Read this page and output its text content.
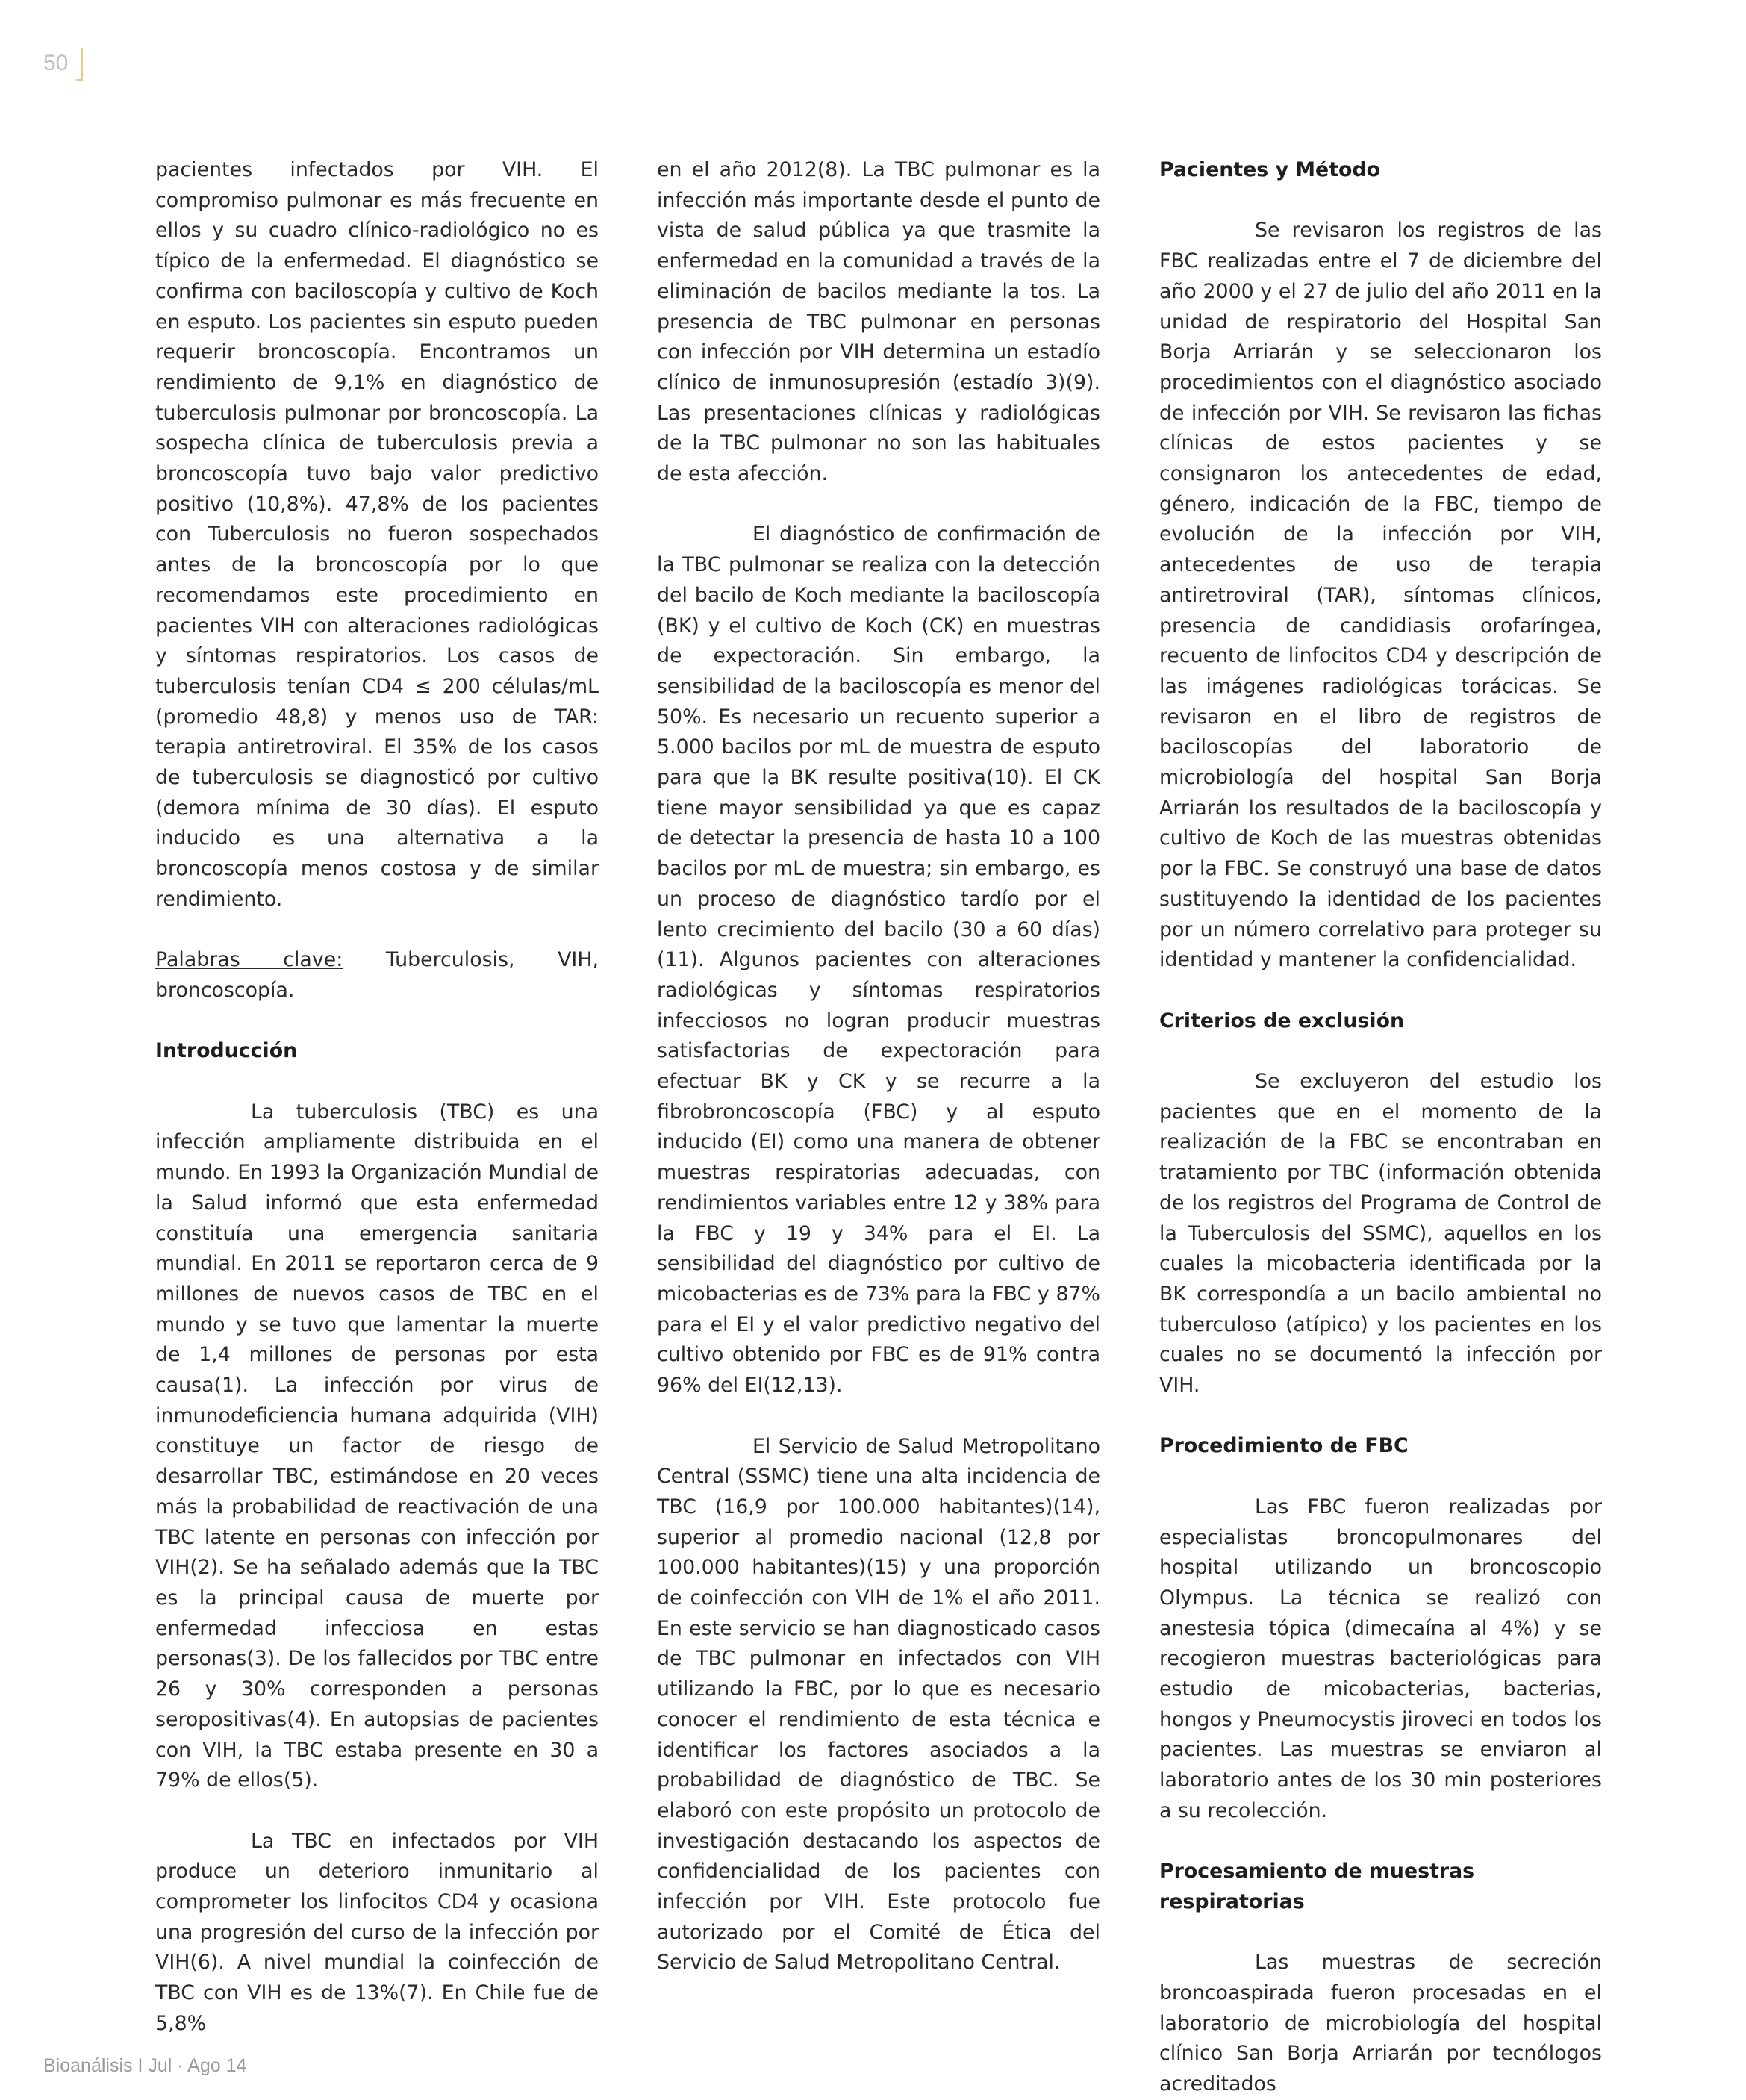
50

pacientes infectados por VIH. El compromiso pulmonar es más frecuente en ellos y su cuadro clínico-radiológico no es típico de la enfermedad. El diagnóstico se confirma con baciloscopía y cultivo de Koch en esputo. Los pacientes sin esputo pueden requerir broncoscopía. Encontramos un rendimiento de 9,1% en diagnóstico de tuberculosis pulmonar por broncoscopía. La sospecha clínica de tuberculosis previa a broncoscopía tuvo bajo valor predictivo positivo (10,8%). 47,8% de los pacientes con Tuberculosis no fueron sospechados antes de la broncoscopía por lo que recomendamos este procedimiento en pacientes VIH con alteraciones radiológicas y síntomas respiratorios. Los casos de tuberculosis tenían CD4 ≤ 200 células/mL (promedio 48,8) y menos uso de TAR: terapia antiretroviral. El 35% de los casos de tuberculosis se diagnosticó por cultivo (demora mínima de 30 días). El esputo inducido es una alternativa a la broncoscopía menos costosa y de similar rendimiento.

Palabras clave: Tuberculosis, VIH, broncoscopía.

Introducción

La tuberculosis (TBC) es una infección ampliamente distribuida en el mundo. En 1993 la Organización Mundial de la Salud informó que esta enfermedad constituía una emergencia sanitaria mundial. En 2011 se reportaron cerca de 9 millones de nuevos casos de TBC en el mundo y se tuvo que lamentar la muerte de 1,4 millones de personas por esta causa(1). La infección por virus de inmunodeficiencia humana adquirida (VIH) constituye un factor de riesgo de desarrollar TBC, estimándose en 20 veces más la probabilidad de reactivación de una TBC latente en personas con infección por VIH(2). Se ha señalado además que la TBC es la principal causa de muerte por enfermedad infecciosa en estas personas(3). De los fallecidos por TBC entre 26 y 30% corresponden a personas seropositivas(4). En autopsias de pacientes con VIH, la TBC estaba presente en 30 a 79% de ellos(5).

La TBC en infectados por VIH produce un deterioro inmunitario al comprometer los linfocitos CD4 y ocasiona una progresión del curso de la infección por VIH(6). A nivel mundial la coinfección de TBC con VIH es de 13%(7). En Chile fue de 5,8%

en el año 2012(8). La TBC pulmonar es la infección más importante desde el punto de vista de salud pública ya que trasmite la enfermedad en la comunidad a través de la eliminación de bacilos mediante la tos. La presencia de TBC pulmonar en personas con infección por VIH determina un estadío clínico de inmunosupresión (estadío 3)(9). Las presentaciones clínicas y radiológicas de la TBC pulmonar no son las habituales de esta afección.

El diagnóstico de confirmación de la TBC pulmonar se realiza con la detección del bacilo de Koch mediante la baciloscopía (BK) y el cultivo de Koch (CK) en muestras de expectoración. Sin embargo, la sensibilidad de la baciloscopía es menor del 50%. Es necesario un recuento superior a 5.000 bacilos por mL de muestra de esputo para que la BK resulte positiva(10). El CK tiene mayor sensibilidad ya que es capaz de detectar la presencia de hasta 10 a 100 bacilos por mL de muestra; sin embargo, es un proceso de diagnóstico tardío por el lento crecimiento del bacilo (30 a 60 días)(11). Algunos pacientes con alteraciones radiológicas y síntomas respiratorios infecciosos no logran producir muestras satisfactorias de expectoración para efectuar BK y CK y se recurre a la fibrobroncoscopía (FBC) y al esputo inducido (EI) como una manera de obtener muestras respiratorias adecuadas, con rendimientos variables entre 12 y 38% para la FBC y 19 y 34% para el EI. La sensibilidad del diagnóstico por cultivo de micobacterias es de 73% para la FBC y 87% para el EI y el valor predictivo negativo del cultivo obtenido por FBC es de 91% contra 96% del EI(12,13).

El Servicio de Salud Metropolitano Central (SSMC) tiene una alta incidencia de TBC (16,9 por 100.000 habitantes)(14), superior al promedio nacional (12,8 por 100.000 habitantes)(15) y una proporción de coinfección con VIH de 1% el año 2011. En este servicio se han diagnosticado casos de TBC pulmonar en infectados con VIH utilizando la FBC, por lo que es necesario conocer el rendimiento de esta técnica e identificar los factores asociados a la probabilidad de diagnóstico de TBC. Se elaboró con este propósito un protocolo de investigación destacando los aspectos de confidencialidad de los pacientes con infección por VIH. Este protocolo fue autorizado por el Comité de Ética del Servicio de Salud Metropolitano Central.

Pacientes y Método

Se revisaron los registros de las FBC realizadas entre el 7 de diciembre del año 2000 y el 27 de julio del año 2011 en la unidad de respiratorio del Hospital San Borja Arriarán y se seleccionaron los procedimientos con el diagnóstico asociado de infección por VIH. Se revisaron las fichas clínicas de estos pacientes y se consignaron los antecedentes de edad, género, indicación de la FBC, tiempo de evolución de la infección por VIH, antecedentes de uso de terapia antiretroviral (TAR), síntomas clínicos, presencia de candidiasis orofaríngea, recuento de linfocitos CD4 y descripción de las imágenes radiológicas torácicas. Se revisaron en el libro de registros de baciloscopías del laboratorio de microbiología del hospital San Borja Arriarán los resultados de la baciloscopía y cultivo de Koch de las muestras obtenidas por la FBC. Se construyó una base de datos sustituyendo la identidad de los pacientes por un número correlativo para proteger su identidad y mantener la confidencialidad.

Criterios de exclusión

Se excluyeron del estudio los pacientes que en el momento de la realización de la FBC se encontraban en tratamiento por TBC (información obtenida de los registros del Programa de Control de la Tuberculosis del SSMC), aquellos en los cuales la micobacteria identificada por la BK correspondía a un bacilo ambiental no tuberculoso (atípico) y los pacientes en los cuales no se documentó la infección por VIH.

Procedimiento de FBC

Las FBC fueron realizadas por especialistas broncopulmonares del hospital utilizando un broncoscopio Olympus. La técnica se realizó con anestesia tópica (dimecaína al 4%) y se recogieron muestras bacteriológicas para estudio de micobacterias, bacterias, hongos y Pneumocystis jiroveci en todos los pacientes. Las muestras se enviaron al laboratorio antes de los 30 min posteriores a su recolección.

Procesamiento de muestras respiratorias

Las muestras de secreción broncoaspirada fueron procesadas en el laboratorio de microbiología del hospital clínico San Borja Arriarán por tecnólogos acreditados

Bioanálisis I Jul · Ago 14
